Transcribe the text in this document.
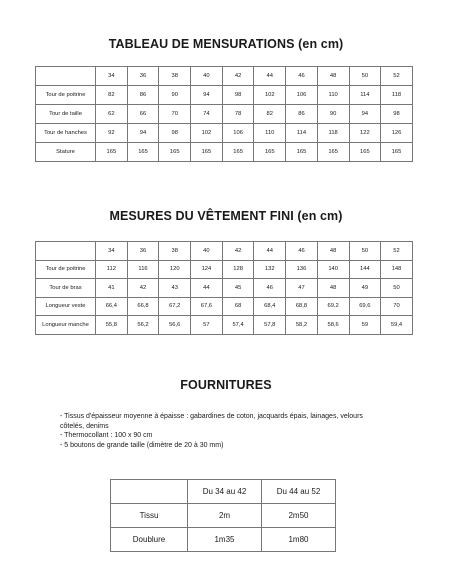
TABLEAU DE MENSURATIONS (en cm)
	34	36	38	40	42	44	46	48	50	52
Tour de poitrine	82	86	90	94	98	102	106	110	114	118
Tour de taille	62	66	70	74	78	82	86	90	94	98
Tour de hanches	92	94	98	102	106	110	114	118	122	126
Stature	165	165	165	165	165	165	165	165	165	165
MESURES DU VÊTEMENT FINI (en cm)
	34	36	38	40	42	44	46	48	50	52
Tour de poitrine	112	116	120	124	128	132	136	140	144	148
Tour de bras	41	42	43	44	45	46	47	48	49	50
Longueur veste	66,4	66,8	67,2	67,6	68	68,4	68,8	69,2	69,6	70
Longueur manche	55,8	56,2	56,6	57	57,4	57,8	58,2	58,6	59	59,4
FOURNITURES
- Tissus d'épaisseur moyenne à épaisse : gabardines de coton, jacquards épais, lainages, velours
côtelés, denims
- Thermocollant : 100 x 90 cm
- 5 boutons de grande taille (dimètre de 20 à 30 mm)
	Du 34 au 42	Du 44 au 52
Tissu	2m	2m50
Doublure	1m35	1m80
